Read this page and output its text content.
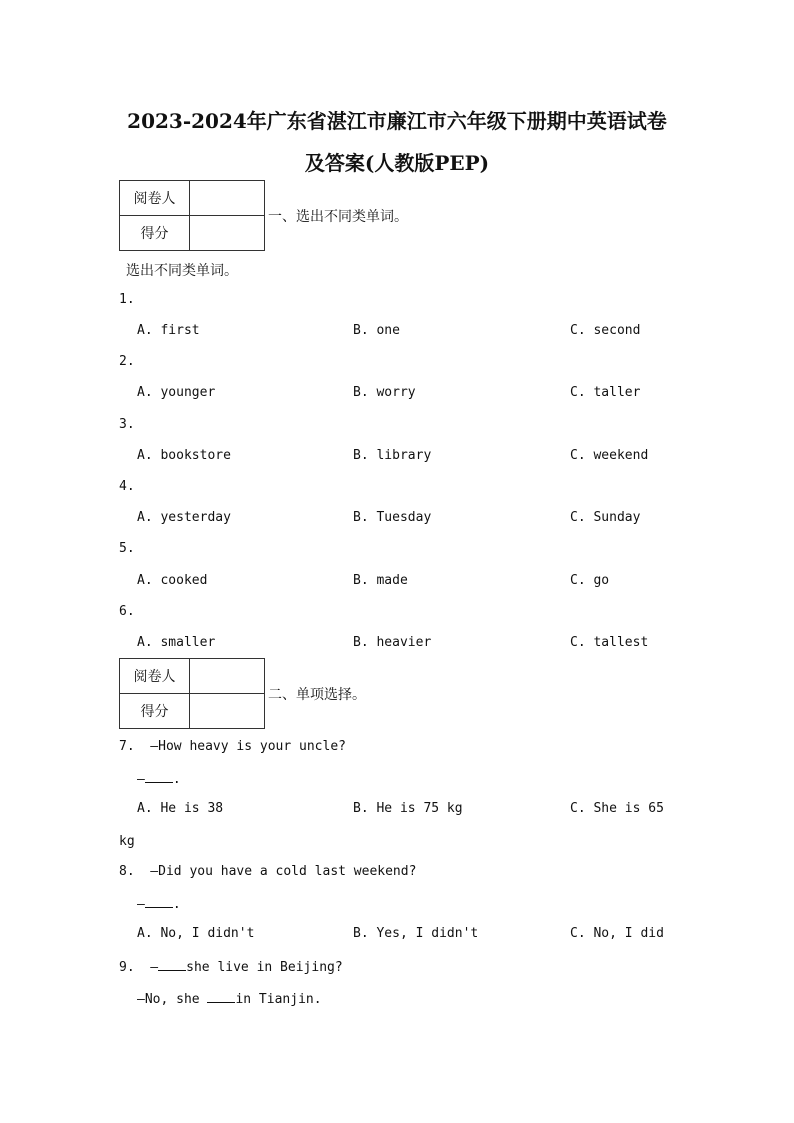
2023-2024年广东省湛江市廉江市六年级下册期中英语试卷
及答案(人教版PEP)
阅卷人	
得分	
一、选出不同类单词。
选出不同类单词。
1.
A. first	B. one	C. second
2.
A. younger	B. worry	C. taller
3.
A. bookstore	B. library	C. weekend
4.
A. yesterday	B. Tuesday	C. Sunday
5.
A. cooked	B. made	C. go
6.
A. smaller	B. heavier	C. tallest
阅卷人	
得分	
二、单项选择。
7.  —How heavy is your uncle?
— .
A. He is 38	B. He is 75 kg	C. She is 65
kg
8.  —Did you have a cold last weekend?
— .
A. No, I didn't	B. Yes, I didn't	C. No, I did
9.  — she live in Beijing?
—No, she in Tianjin.
